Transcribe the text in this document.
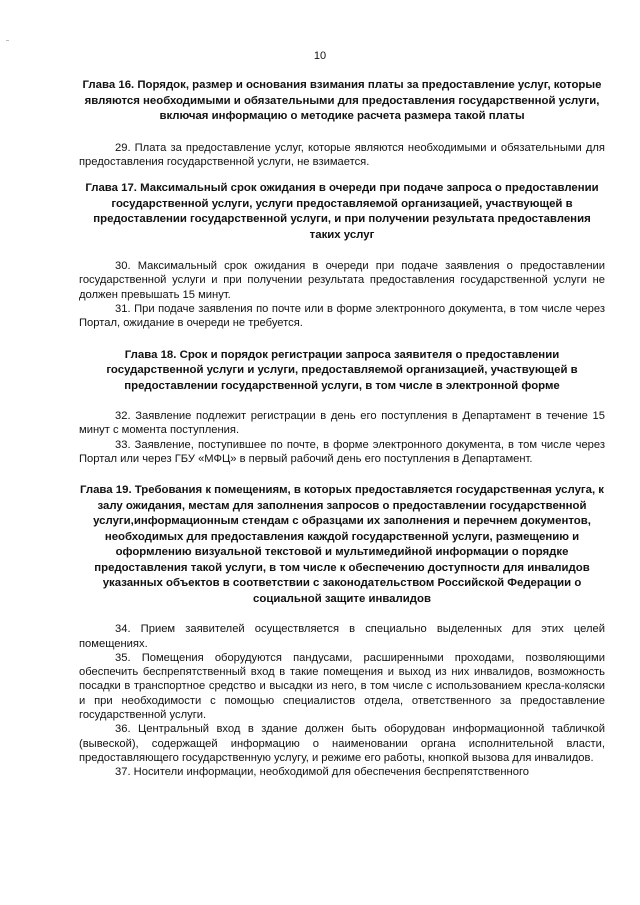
10
Глава 16. Порядок, размер и основания взимания платы за предоставление услуг, которые являются необходимыми и обязательными для предоставления государственной услуги, включая информацию о методике расчета размера такой платы

29. Плата за предоставление услуг, которые являются необходимыми и обязательными для предоставления государственной услуги, не взимается.

Глава 17. Максимальный срок ожидания в очереди при подаче запроса о предоставлении государственной услуги, услуги предоставляемой организацией, участвующей в предоставлении государственной услуги, и при получении результата предоставления таких услуг

30. Максимальный срок ожидания в очереди при подаче заявления о предоставлении государственной услуги и при получении результата предоставления государственной услуги не должен превышать 15 минут.

31. При подаче заявления по почте или в форме электронного документа, в том числе через Портал, ожидание в очереди не требуется.

Глава 18. Срок и порядок регистрации запроса заявителя о предоставлении государственной услуги и услуги, предоставляемой организацией, участвующей в предоставлении государственной услуги, в том числе в электронной форме

32. Заявление подлежит регистрации в день его поступления в Департамент в течение 15 минут с момента поступления.

33. Заявление, поступившее по почте, в форме электронного документа, в том числе через Портал или через ГБУ «МФЦ» в первый рабочий день его поступления в Департамент.

Глава 19. Требования к помещениям, в которых предоставляется государственная услуга, к залу ожидания, местам для заполнения запросов о предоставлении государственной услуги,информационным стендам с образцами их заполнения и перечнем документов, необходимых для предоставления каждой государственной услуги, размещению и оформлению визуальной текстовой и мультимедийной информации о порядке предоставления такой услуги, в том числе к обеспечению доступности для инвалидов указанных объектов в соответствии с законодательством Российской Федерации о социальной защите инвалидов

34. Прием заявителей осуществляется в специально выделенных для этих целей помещениях.

35. Помещения оборудуются пандусами, расширенными проходами, позволяющими обеспечить беспрепятственный вход в такие помещения и выход из них инвалидов, возможность посадки в транспортное средство и высадки из него, в том числе с использованием кресла-коляски и при необходимости с помощью специалистов отдела, ответственного за предоставление государственной услуги.

36. Центральный вход в здание должен быть оборудован информационной табличкой (вывеской), содержащей информацию о наименовании органа исполнительной власти, предоставляющего государственную услугу, и режиме его работы, кнопкой вызова для инвалидов.

37. Носители информации, необходимой для обеспечения беспрепятственного
